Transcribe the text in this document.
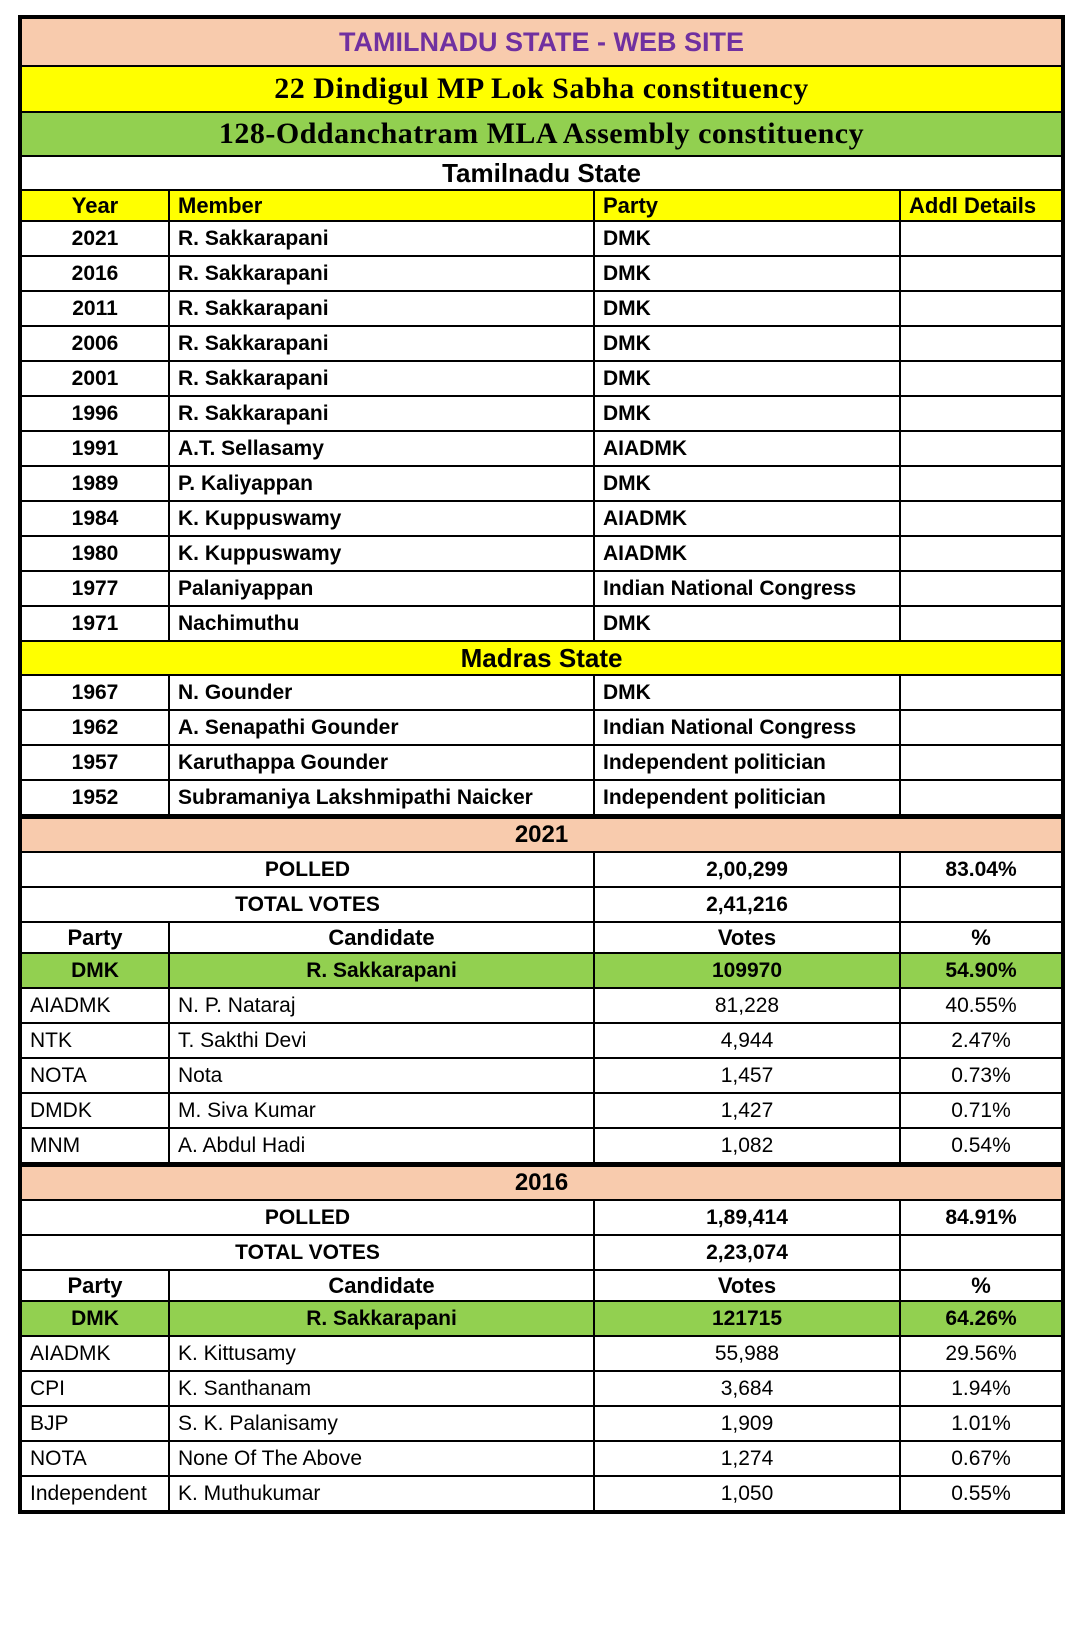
TAMILNADU STATE - WEB SITE			
22 Dindigul MP Lok Sabha constituency			
128-Oddanchatram MLA Assembly constituency			
Tamilnadu State			
Year	Member	Party	Addl Details
2021	R. Sakkarapani	DMK	
2016	R. Sakkarapani	DMK	
2011	R. Sakkarapani	DMK	
2006	R. Sakkarapani	DMK	
2001	R. Sakkarapani	DMK	
1996	R. Sakkarapani	DMK	
1991	A.T. Sellasamy	AIADMK	
1989	P. Kaliyappan	DMK	
1984	K. Kuppuswamy	AIADMK	
1980	K. Kuppuswamy	AIADMK	
1977	Palaniyappan	Indian National Congress	
1971	Nachimuthu	DMK	
Madras State			
1967	N. Gounder	DMK	
1962	A. Senapathi Gounder	Indian National Congress	
1957	Karuthappa Gounder	Independent politician	
1952	Subramaniya Lakshmipathi Naicker	Independent politician	
2021			
POLLED		2,00,299	83.04%
TOTAL VOTES		2,41,216	
Party	Candidate	Votes	%
DMK	R. Sakkarapani	109970	54.90%
AIADMK	N. P. Nataraj	81,228	40.55%
NTK	T. Sakthi Devi	4,944	2.47%
NOTA	Nota	1,457	0.73%
DMDK	M. Siva Kumar	1,427	0.71%
MNM	A. Abdul Hadi	1,082	0.54%
2016			
POLLED		1,89,414	84.91%
TOTAL VOTES		2,23,074	
Party	Candidate	Votes	%
DMK	R. Sakkarapani	121715	64.26%
AIADMK	K. Kittusamy	55,988	29.56%
CPI	K. Santhanam	3,684	1.94%
BJP	S. K. Palanisamy	1,909	1.01%
NOTA	None Of The Above	1,274	0.67%
Independent	K. Muthukumar	1,050	0.55%
